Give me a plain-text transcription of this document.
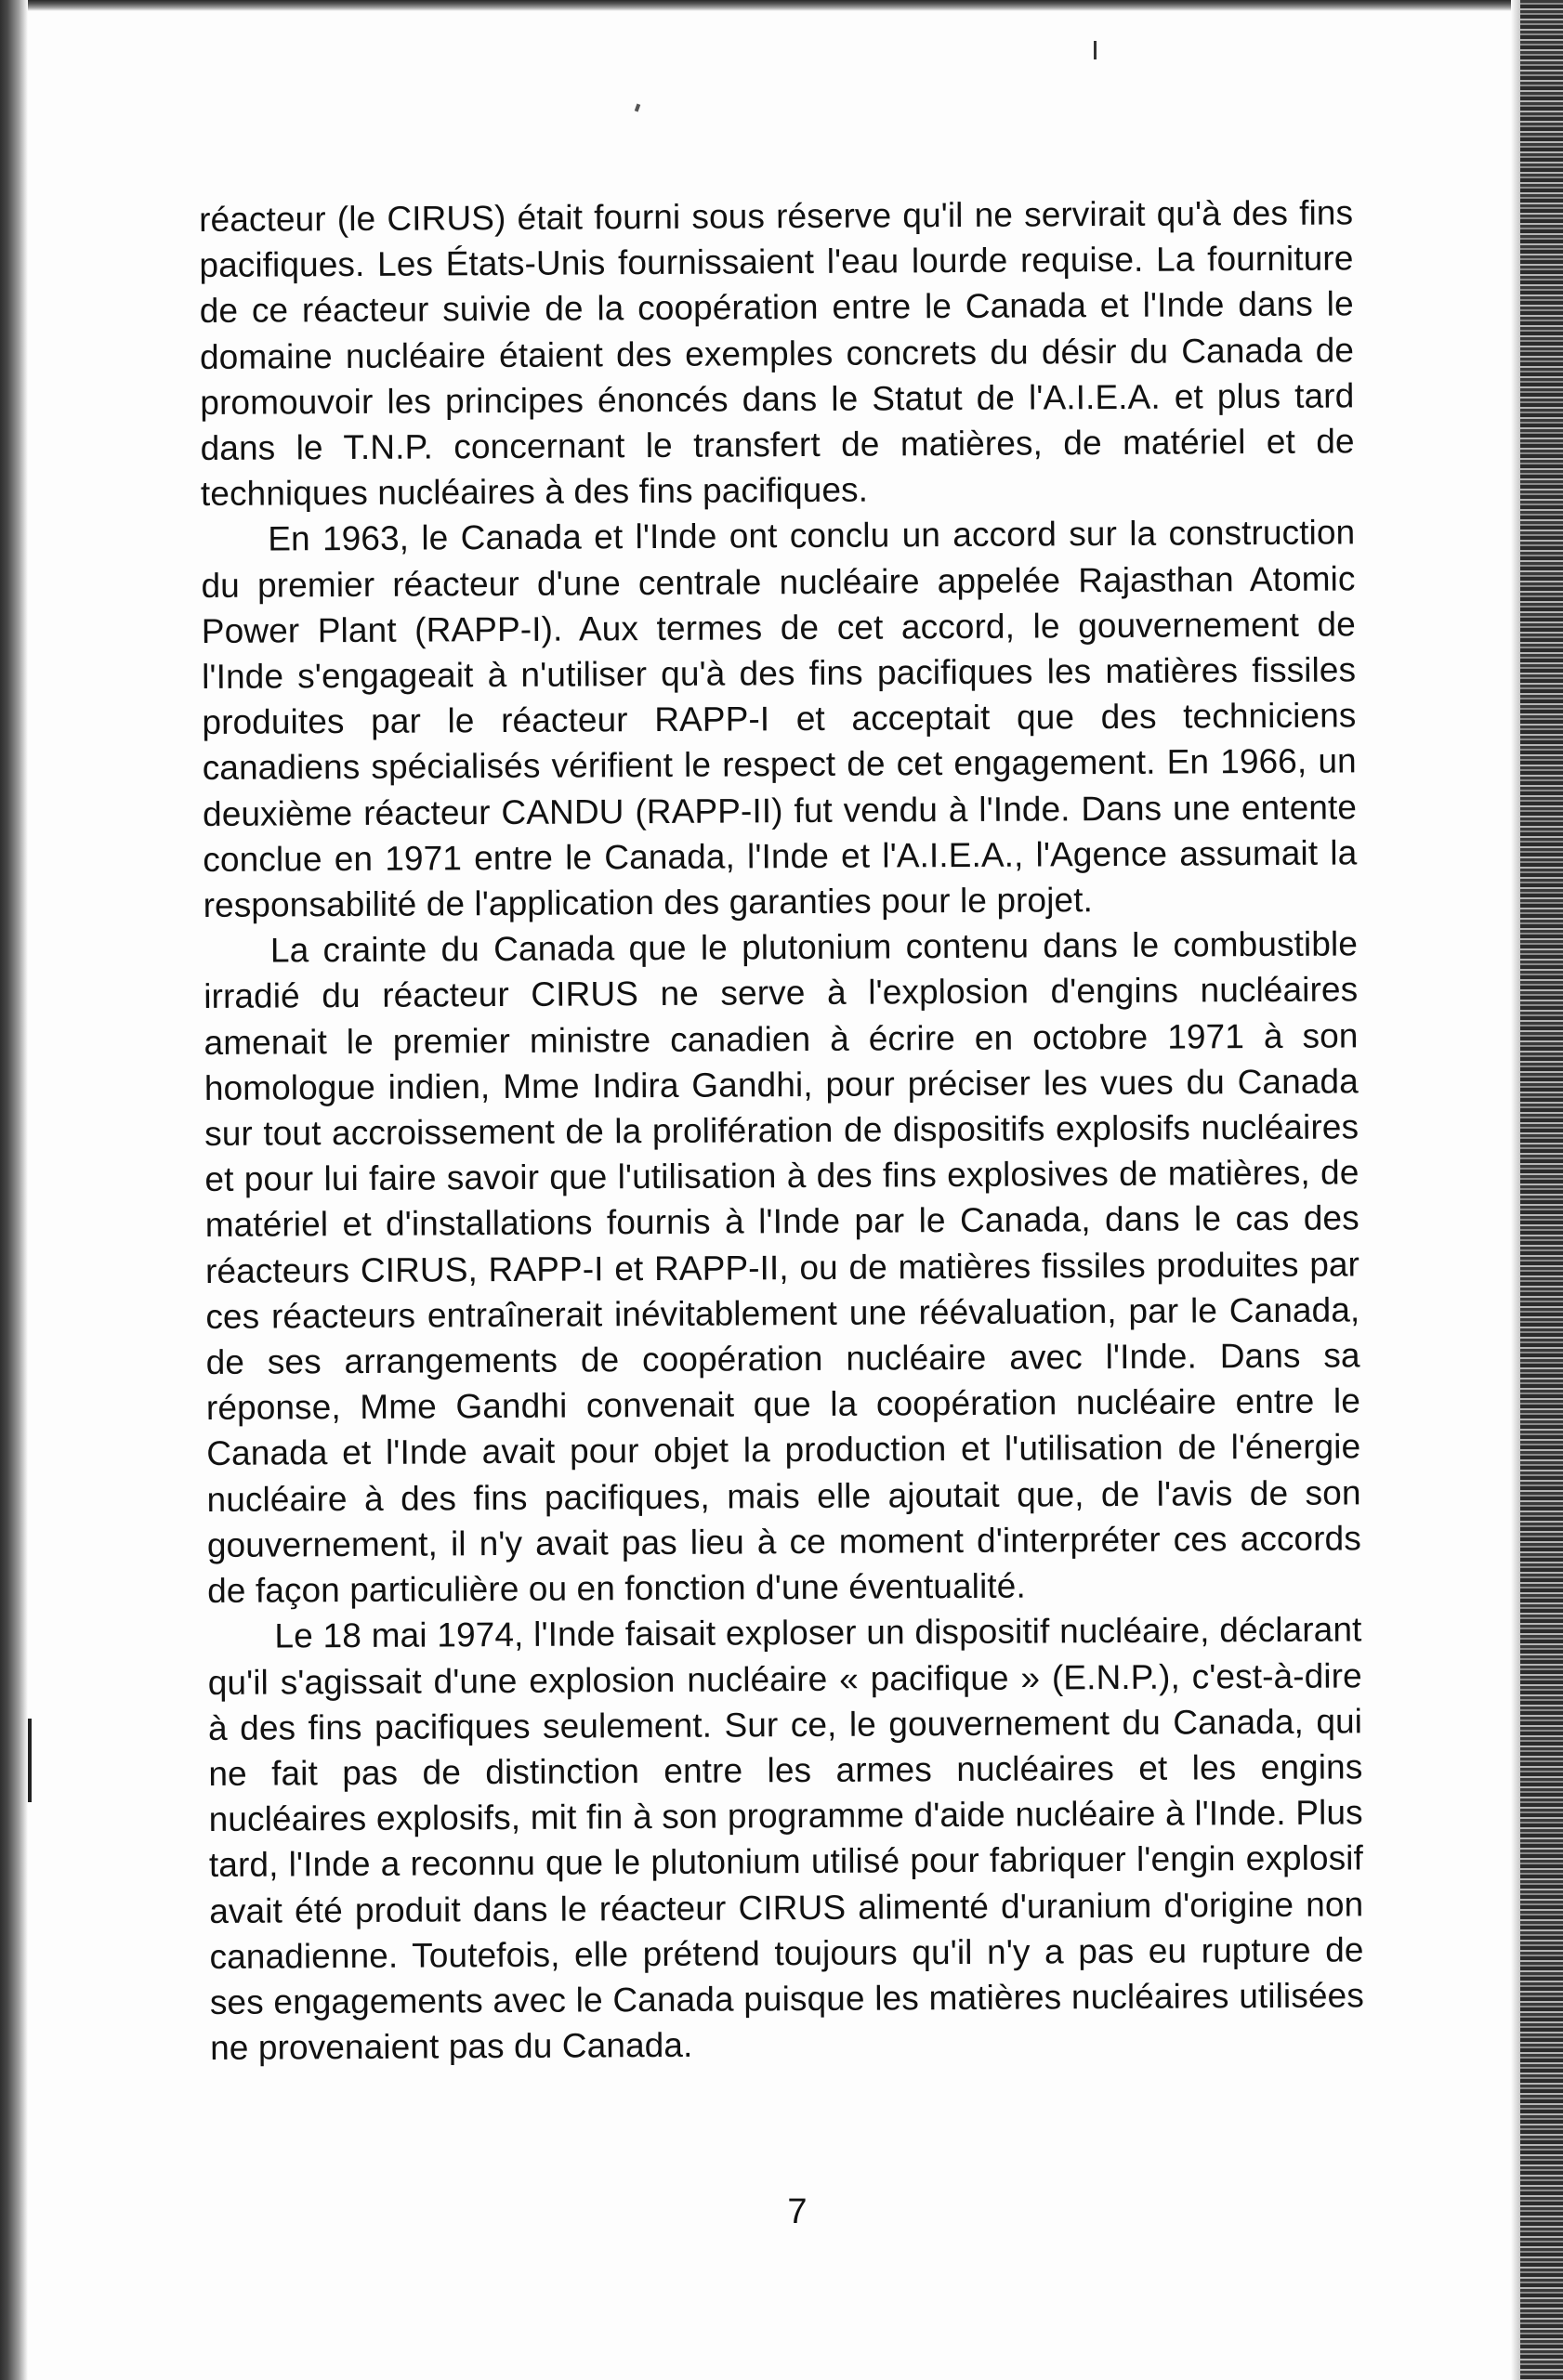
réacteur (le CIRUS) était fourni sous réserve qu'il ne servirait qu'à des fins pacifiques. Les États-Unis fournissaient l'eau lourde requise. La fourniture de ce réacteur suivie de la coopération entre le Canada et l'Inde dans le domaine nucléaire étaient des exemples concrets du désir du Canada de promouvoir les principes énoncés dans le Statut de l'A.I.E.A. et plus tard dans le T.N.P. concernant le transfert de matières, de matériel et de techniques nucléaires à des fins pacifiques.

En 1963, le Canada et l'Inde ont conclu un accord sur la construction du premier réacteur d'une centrale nucléaire appelée Rajasthan Atomic Power Plant (RAPP-I). Aux termes de cet accord, le gouvernement de l'Inde s'engageait à n'utiliser qu'à des fins pacifiques les matières fissiles produites par le réacteur RAPP-I et acceptait que des techniciens canadiens spécialisés vérifient le respect de cet engagement. En 1966, un deuxième réacteur CANDU (RAPP-II) fut vendu à l'Inde. Dans une entente conclue en 1971 entre le Canada, l'Inde et l'A.I.E.A., l'Agence assumait la responsabilité de l'application des garanties pour le projet.

La crainte du Canada que le plutonium contenu dans le combustible irradié du réacteur CIRUS ne serve à l'explosion d'engins nucléaires amenait le premier ministre canadien à écrire en octobre 1971 à son homologue indien, Mme Indira Gandhi, pour préciser les vues du Canada sur tout accroissement de la prolifération de dispositifs explosifs nucléaires et pour lui faire savoir que l'utilisation à des fins explosives de matières, de matériel et d'installations fournis à l'Inde par le Canada, dans le cas des réacteurs CIRUS, RAPP-I et RAPP-II, ou de matières fissiles produites par ces réacteurs entraînerait inévitablement une réévaluation, par le Canada, de ses arrangements de coopération nucléaire avec l'Inde. Dans sa réponse, Mme Gandhi convenait que la coopération nucléaire entre le Canada et l'Inde avait pour objet la production et l'utilisation de l'énergie nucléaire à des fins pacifiques, mais elle ajoutait que, de l'avis de son gouvernement, il n'y avait pas lieu à ce moment d'interpréter ces accords de façon particulière ou en fonction d'une éventualité.

Le 18 mai 1974, l'Inde faisait exploser un dispositif nucléaire, déclarant qu'il s'agissait d'une explosion nucléaire « pacifique » (E.N.P.), c'est-à-dire à des fins pacifiques seulement. Sur ce, le gouvernement du Canada, qui ne fait pas de distinction entre les armes nucléaires et les engins nucléaires explosifs, mit fin à son programme d'aide nucléaire à l'Inde. Plus tard, l'Inde a reconnu que le plutonium utilisé pour fabriquer l'engin explosif avait été produit dans le réacteur CIRUS alimenté d'uranium d'origine non canadienne. Toutefois, elle prétend toujours qu'il n'y a pas eu rupture de ses engagements avec le Canada puisque les matières nucléaires utilisées ne provenaient pas du Canada.

7
